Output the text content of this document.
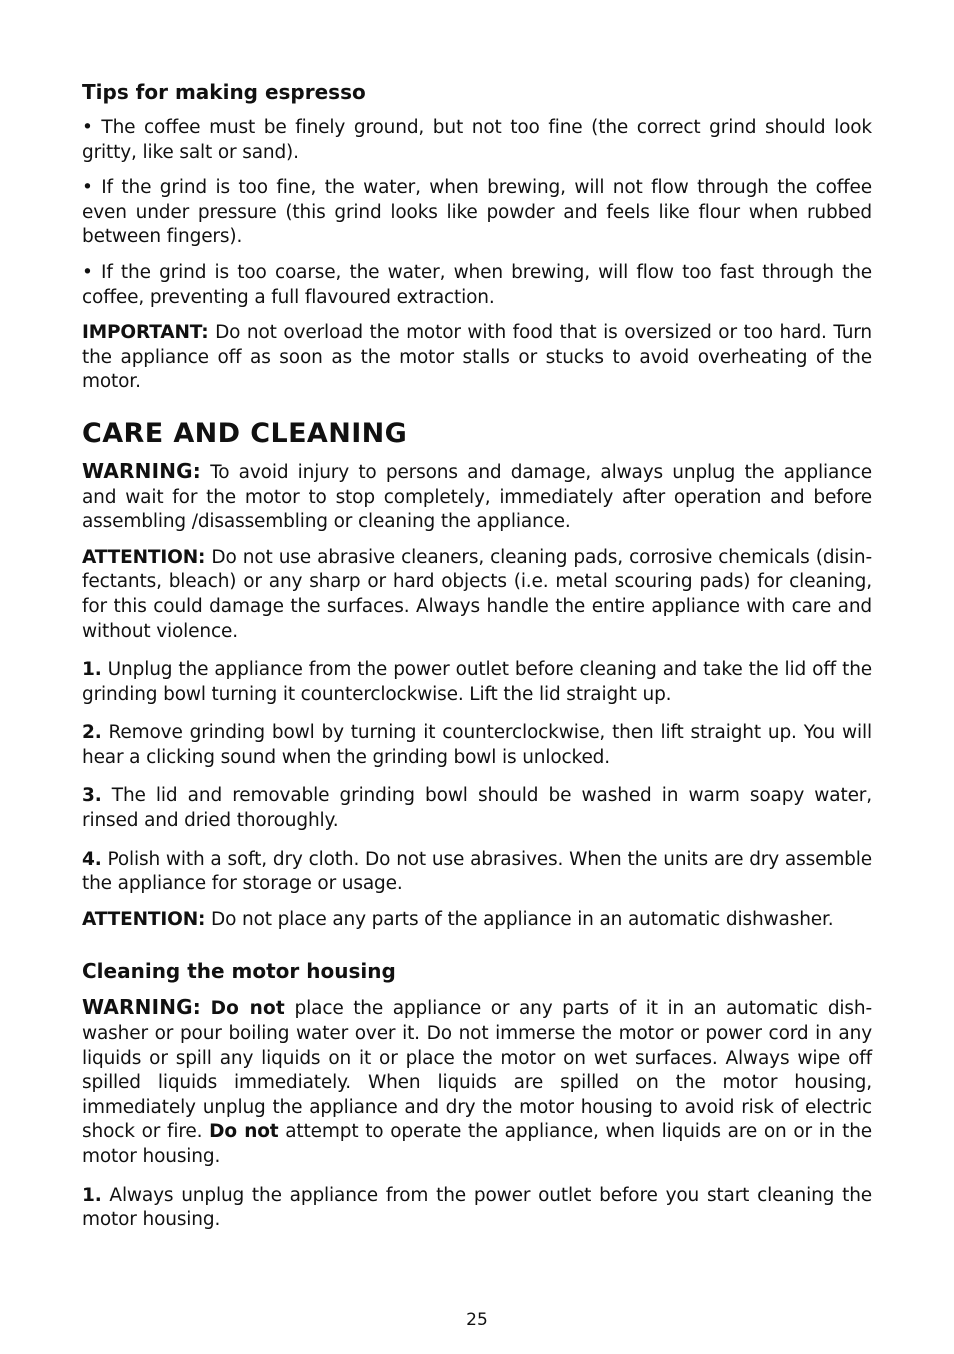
Tips for making espresso

• The coffee must be finely ground, but not too fine (the correct grind should look gritty, like salt or sand).

• If the grind is too fine, the water, when brewing, will not flow through the coffee even under pressure (this grind looks like powder and feels like flour when rubbed between fingers).

• If the grind is too coarse, the water, when brewing, will flow too fast through the coffee, preventing a full flavoured extraction.

IMPORTANT: Do not overload the motor with food that is oversized or too hard. Turn the appliance off as soon as the motor stalls or stucks to avoid overheating of the motor.

CARE AND CLEANING

WARNING: To avoid injury to persons and damage, always unplug the appliance and wait for the motor to stop completely, immediately after operation and before assembling /disassembling or cleaning the appliance.

ATTENTION: Do not use abrasive cleaners, cleaning pads, corrosive chemicals (disin-fectants, bleach) or any sharp or hard objects (i.e. metal scouring pads) for cleaning, for this could damage the surfaces. Always handle the entire appliance with care and without violence.

1. Unplug the appliance from the power outlet before cleaning and take the lid off the grinding bowl turning it counterclockwise. Lift the lid straight up.

2. Remove grinding bowl by turning it counterclockwise, then lift straight up. You will hear a clicking sound when the grinding bowl is unlocked.

3. The lid and removable grinding bowl should be washed in warm soapy water, rinsed and dried thoroughly.

4. Polish with a soft, dry cloth. Do not use abrasives. When the units are dry assemble the appliance for storage or usage.

ATTENTION: Do not place any parts of the appliance in an automatic dishwasher.

Cleaning the motor housing

WARNING: Do not place the appliance or any parts of it in an automatic dish-washer or pour boiling water over it. Do not immerse the motor or power cord in any liquids or spill any liquids on it or place the motor on wet surfaces. Always wipe off spilled liquids immediately. When liquids are spilled on the motor housing, immediately unplug the appliance and dry the motor housing to avoid risk of electric shock or fire. Do not attempt to operate the appliance, when liquids are on or in the motor housing.

1. Always unplug the appliance from the power outlet before you start cleaning the motor housing.

25
